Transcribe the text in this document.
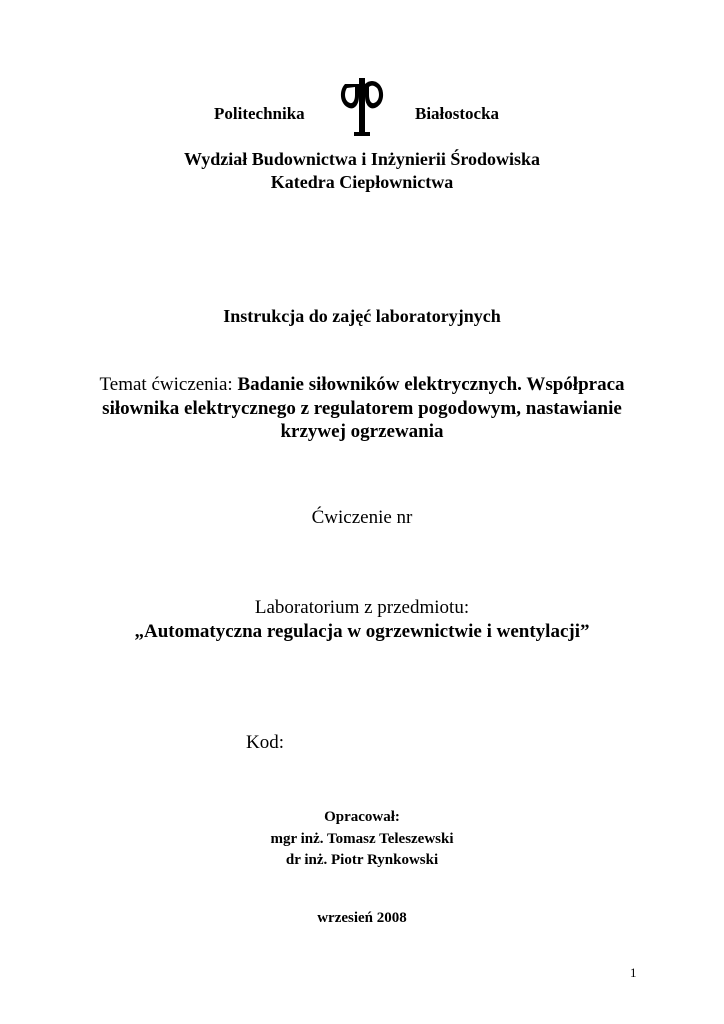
Politechnika	Białostocka
Wydział Budownictwa i Inżynierii Środowiska
Katedra Ciepłownictwa
Instrukcja do zajęć laboratoryjnych
Temat ćwiczenia: Badanie siłowników elektrycznych. Współpraca
siłownika elektrycznego z regulatorem pogodowym, nastawianie
krzywej ogrzewania
Ćwiczenie nr
Laboratorium z przedmiotu:
„Automatyczna regulacja w ogrzewnictwie i wentylacji”
Kod:
Opracował:
mgr inż. Tomasz Teleszewski
dr inż. Piotr Rynkowski
wrzesień 2008
1
